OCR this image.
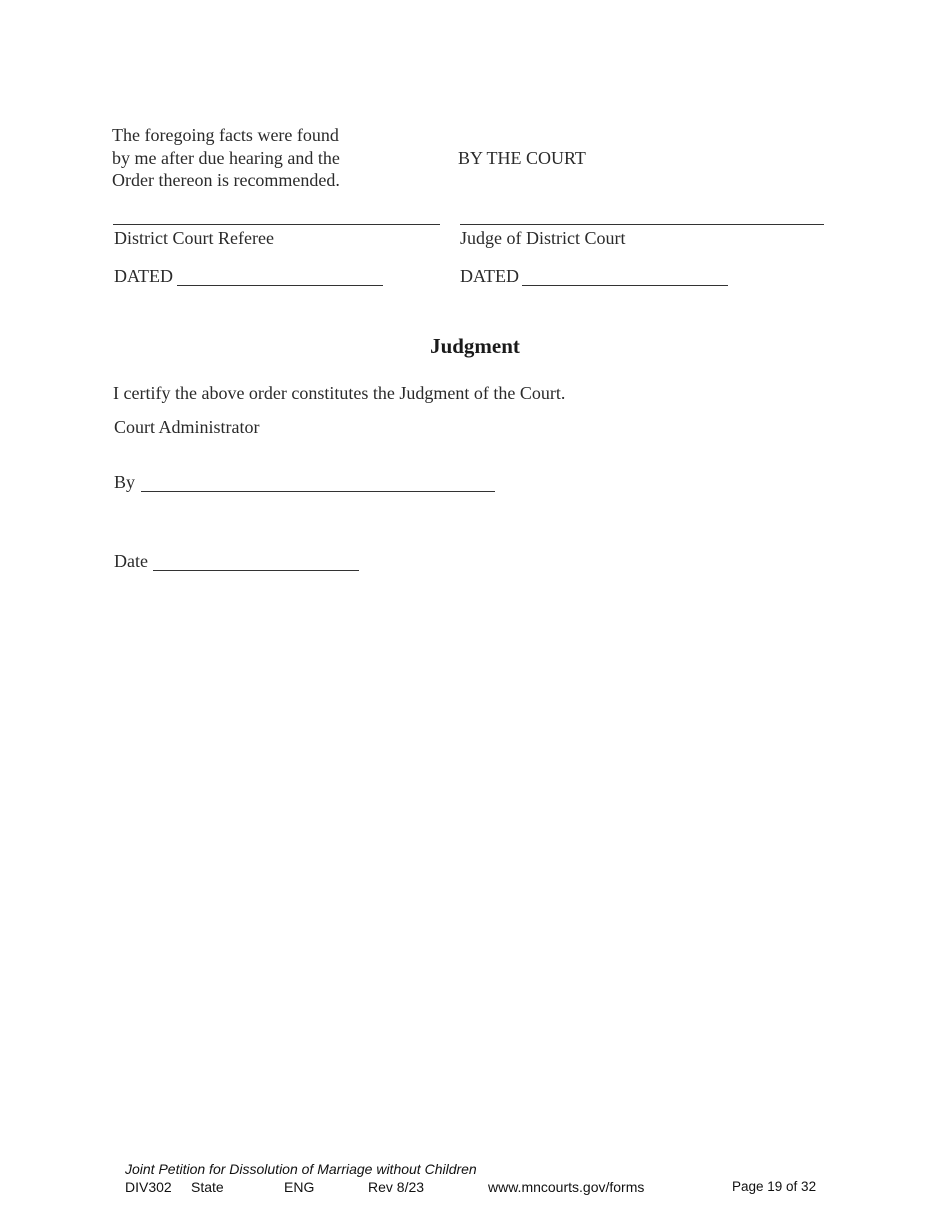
The foregoing facts were found
by me after due hearing and the
Order thereon is recommended.
BY THE COURT
District Court Referee	Judge of District Court
DATED	DATED
Judgment
I certify the above order constitutes the Judgment of the Court.
Court Administrator
By
Date
Joint Petition for Dissolution of Marriage without Children
DIV302 State	ENG	Rev 8/23	www.mncourts.gov/forms	Page 19 of 32
